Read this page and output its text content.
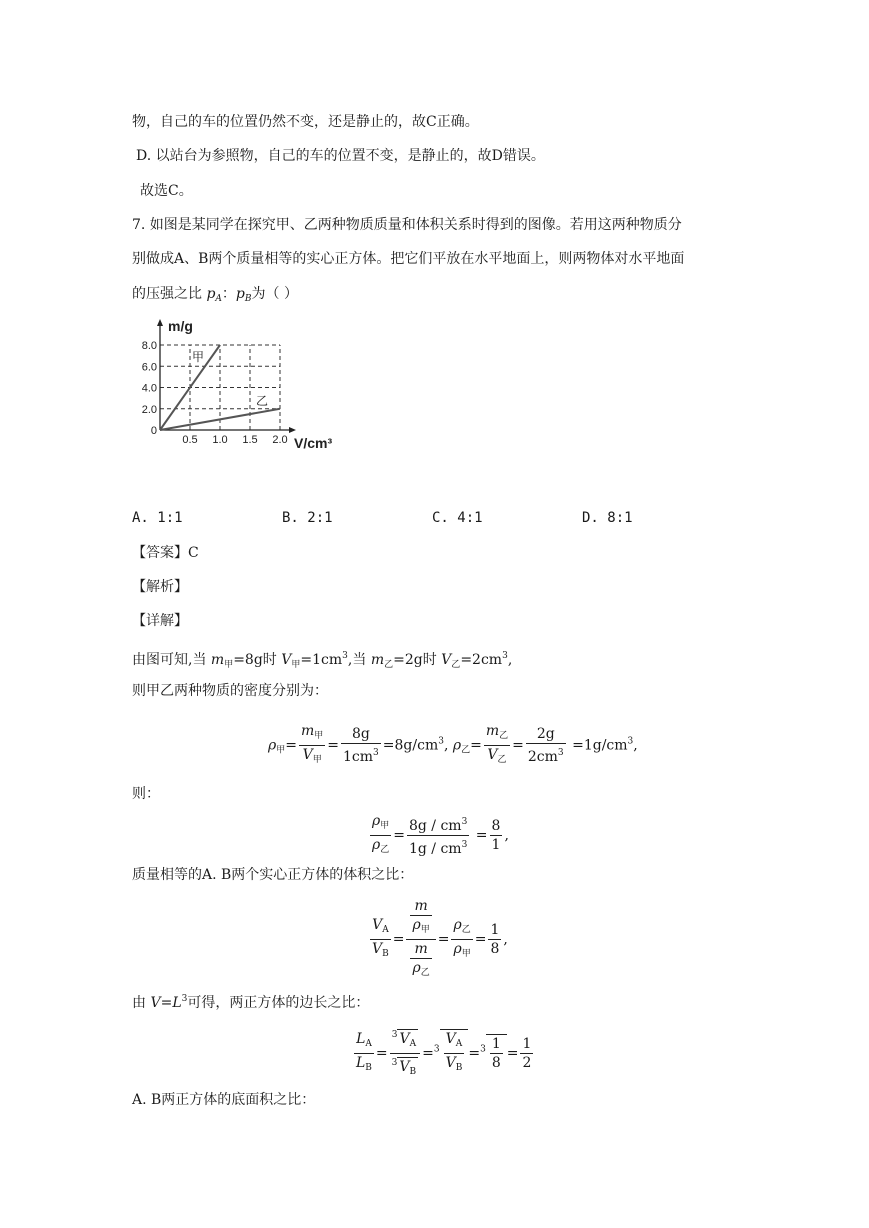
物，自己的车的位置仍然不变，还是静止的，故C正确。
D. 以站台为参照物，自己的车的位置不变，是静止的，故D错误。
故选C。
7. 如图是某同学在探究甲、乙两种物质质量和体积关系时得到的图像。若用这两种物质分
别做成A、B两个质量相等的实心正方体。把它们平放在水平地面上，则两物体对水平地面
的压强之比 $p_A$：$p_B$为（ ）
0.5 1.0 1.5 2.0
0
2.0
4.0
6.0
8.0
m/g
V/cm³
甲
乙
A. 1:1	B. 2:1	C. 4:1	D. 8:1
【答案】C
【解析】
【详解】
由图可知,当 $m_甲=8g$时 $V_甲=1cm^3$,当 $m_乙=2g$时 $V_乙=2cm^3$,
则甲乙两种物质的密度分别为：
$\rho_甲= \frac{m_甲}{V_甲} = \frac{8g}{1cm^3} =8g/cm^3$, $\rho_乙= \frac{m_乙}{V_乙} = \frac{2g}{2cm^3} =1g/cm^3$,
则：
$\frac{\rho_甲}{\rho_乙} = \frac{8g / cm^3}{1g / cm^3} = \frac{8}{1}$ ,
质量相等的A. B两个实心正方体的体积之比：
$\frac{V_A}{V_B} = \frac{\frac{m}{\rho_甲}}{\frac{m}{\rho_乙}} = \frac{\rho_乙}{\rho_甲} = \frac{1}{8}$ ,
由 $V=L^3$可得，两正方体的边长之比：
$\frac{L_A}{L_B} = \frac{^3 V_A}{^3 V_B} =^3 \frac{V_A}{V_B} =^3 \frac{1}{8} = \frac{1}{2}$
A. B两正方体的底面积之比：
